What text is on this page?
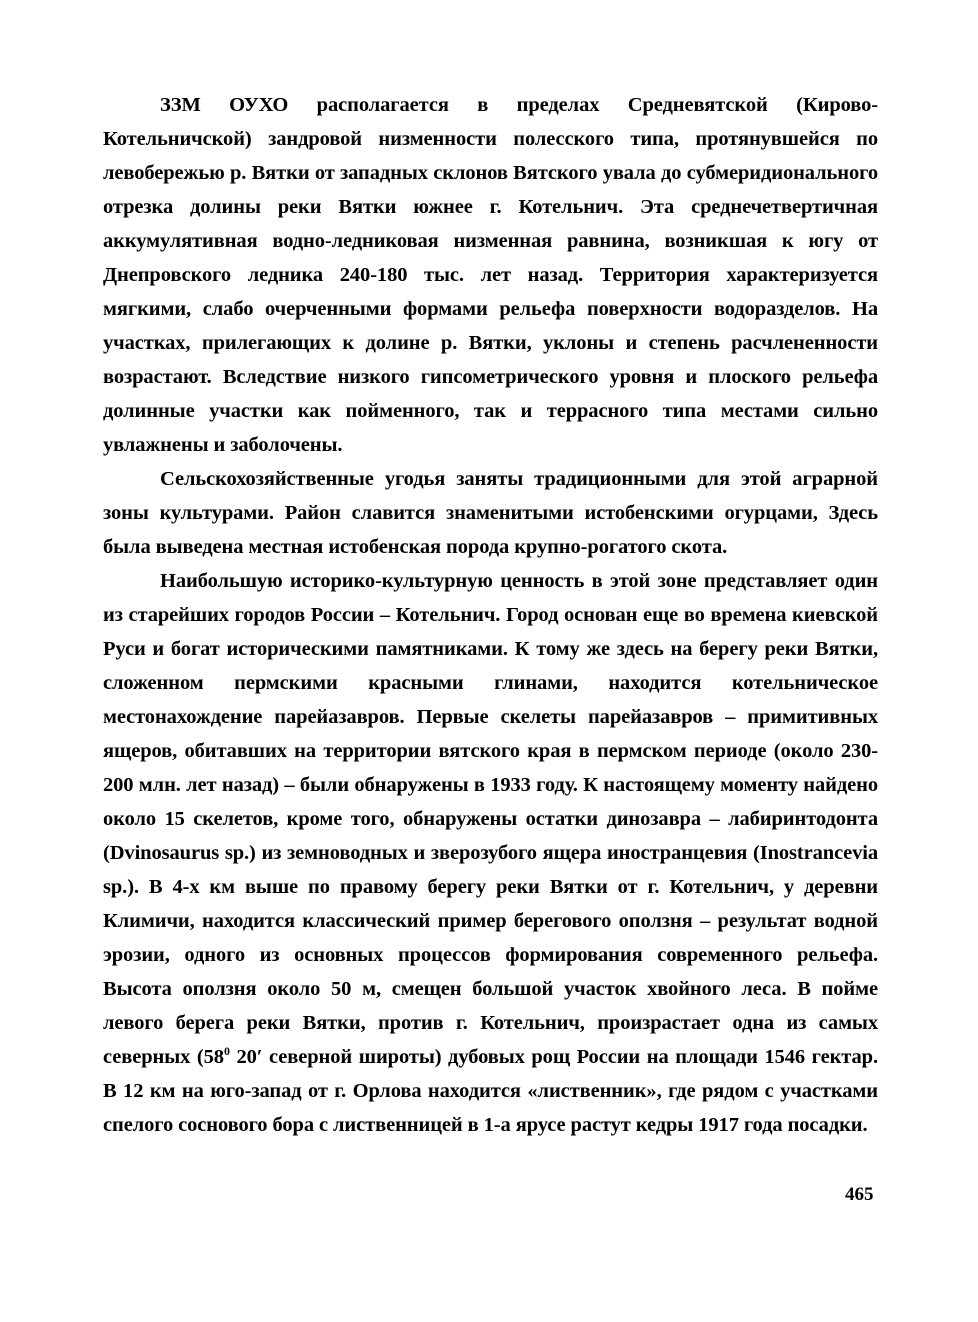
ЗЗМ ОУХО располагается в пределах Средневятской (Кирово-Котельничской) зандровой низменности полесского типа, протянувшейся по левобережью р. Вятки от западных склонов Вятского увала до субмеридионального отрезка долины реки Вятки южнее г. Котельнич. Эта среднечетвертичная аккумулятивная водно-ледниковая низменная равнина, возникшая к югу от Днепровского ледника 240-180 тыс. лет назад. Территория характеризуется мягкими, слабо очерченными формами рельефа поверхности водоразделов. На участках, прилегающих к долине р. Вятки, уклоны и степень расчлененности возрастают. Вследствие низкого гипсометрического уровня и плоского рельефа долинные участки как пойменного, так и террасного типа местами сильно увлажнены и заболочены.

Сельскохозяйственные угодья заняты традиционными для этой аграрной зоны культурами. Район славится знаменитыми истобенскими огурцами, Здесь была выведена местная истобенская порода крупно-рогатого скота.

Наибольшую историко-культурную ценность в этой зоне представляет один из старейших городов России – Котельнич. Город основан еще во времена киевской Руси и богат историческими памятниками. К тому же здесь на берегу реки Вятки, сложенном пермскими красными глинами, находится котельническое местонахождение парейазавров. Первые скелеты парейазавров – примитивных ящеров, обитавших на территории вятского края в пермском периоде (около 230-200 млн. лет назад) – были обнаружены в 1933 году. К настоящему моменту найдено около 15 скелетов, кроме того, обнаружены остатки динозавра – лабиринтодонта (Dvinosaurus sp.) из земноводных и зверозубого ящера иностранцевия (Inostrancevia sp.). В 4-х км выше по правому берегу реки Вятки от г. Котельнич, у деревни Климичи, находится классический пример берегового оползня – результат водной эрозии, одного из основных процессов формирования современного рельефа. Высота оползня около 50 м, смещен большой участок хвойного леса. В пойме левого берега реки Вятки, против г. Котельнич, произрастает одна из самых северных ($58^0$ 20′ северной широты) дубовых рощ России на площади 1546 гектар. В 12 км на юго-запад от г. Орлова находится «лиственник», где рядом с участками спелого соснового бора с лиственницей в 1-а ярусе растут кедры 1917 года посадки.

465
